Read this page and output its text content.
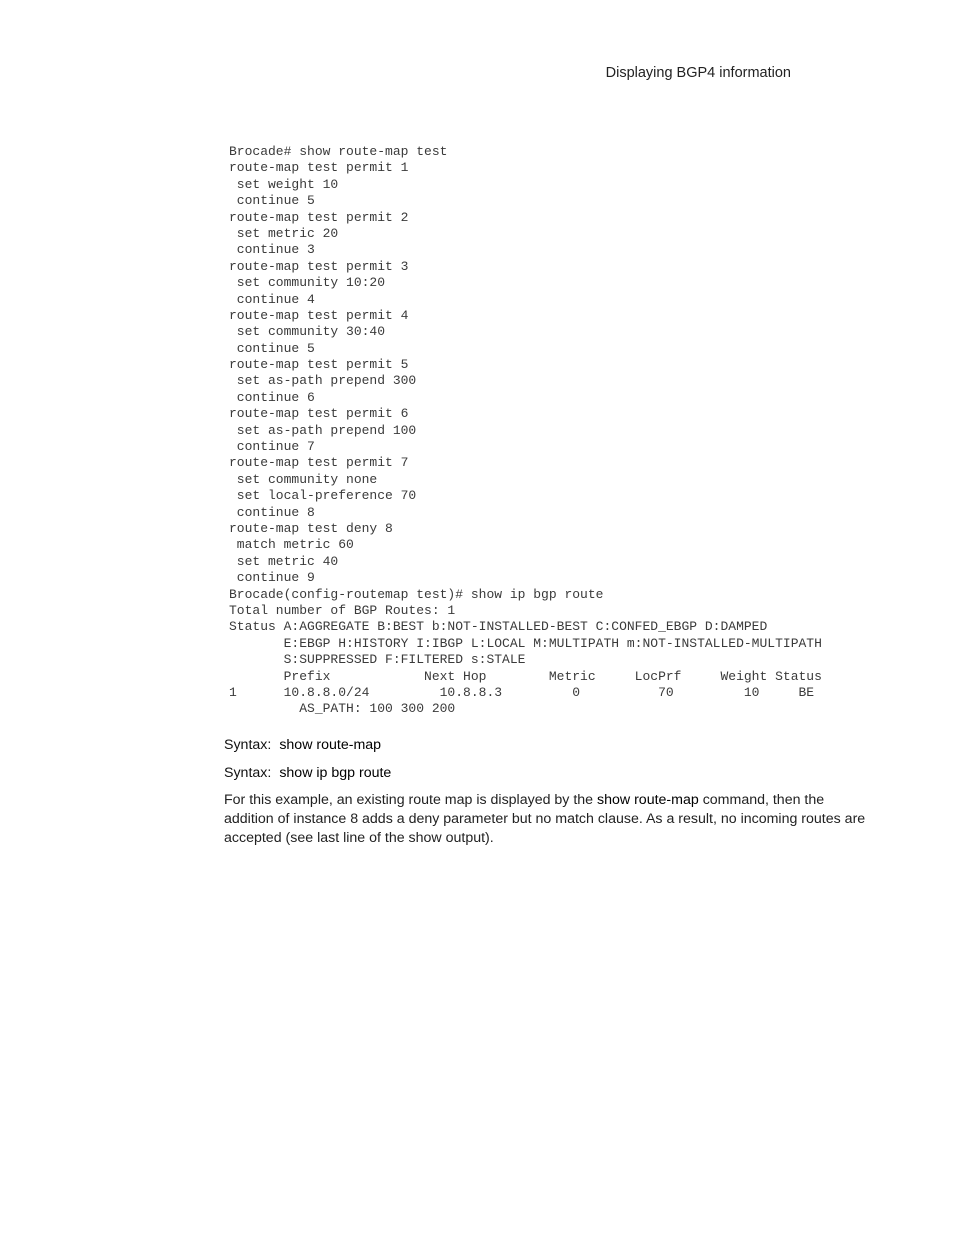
Displaying BGP4 information
Brocade# show route-map test
route-map test permit 1
set weight 10
continue 5
route-map test permit 2
set metric 20
continue 3
route-map test permit 3
set community 10:20
continue 4
route-map test permit 4
set community 30:40
continue 5
route-map test permit 5
set as-path prepend 300
continue 6
route-map test permit 6
set as-path prepend 100
continue 7
route-map test permit 7
set community none
set local-preference 70
continue 8
route-map test deny 8
match metric 60
set metric 40
continue 9
Brocade(config-routemap test)# show ip bgp route
Total number of BGP Routes: 1
Status A:AGGREGATE B:BEST b:NOT-INSTALLED-BEST C:CONFED_EBGP D:DAMPED
E:EBGP H:HISTORY I:IBGP L:LOCAL M:MULTIPATH m:NOT-INSTALLED-MULTIPATH
S:SUPPRESSED F:FILTERED s:STALE
Prefix            Next Hop        Metric     LocPrf     Weight Status
1      10.8.8.0/24         10.8.8.3         0          70         10     BE
AS_PATH: 100 300 200
Syntax: show route-map
Syntax: show ip bgp route

For this example, an existing route map is displayed by the show route-map command, then the addition of instance 8 adds a deny parameter but no match clause. As a result, no incoming routes are accepted (see last line of the show output).
